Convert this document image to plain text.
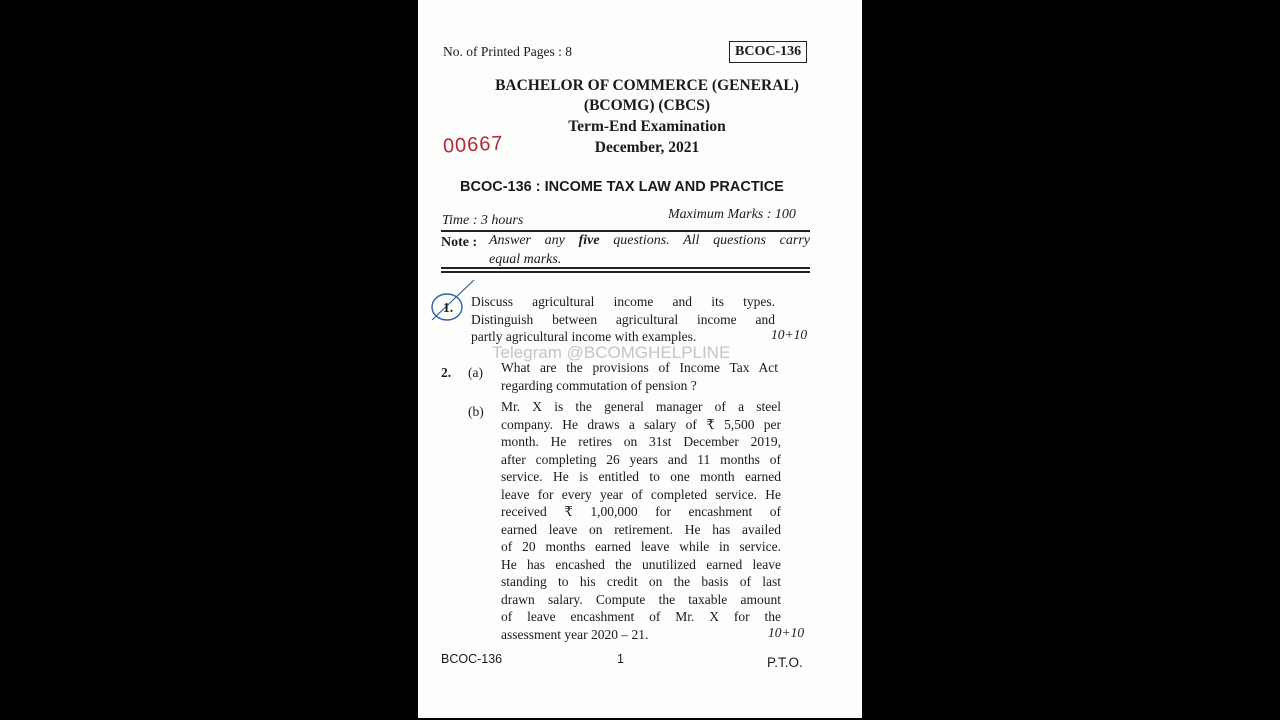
No. of Printed Pages : 8	BCOC-136

BACHELOR OF COMMERCE (GENERAL)

(BCOMG) (CBCS)

Term-End Examination

00667	December, 2021

BCOC-136 : INCOME TAX LAW AND PRACTICE

Time : 3 hours	Maximum Marks : 100

Note : Answer any five questions. All questions carry

equal marks.

1. Discuss agricultural income and its types.
Distinguish between agricultural income and
partly agricultural income with examples.	10+10

Telegram @BCOMGHELPLINE

2. (a) What are the provisions of Income Tax Act
regarding commutation of pension ?

(b) Mr. X is the general manager of a steel
company. He draws a salary of ₹ 5,500 per
month. He retires on 31st December 2019,
after completing 26 years and 11 months of
service. He is entitled to one month earned
leave for every year of completed service. He
received ₹ 1,00,000 for encashment of
earned leave on retirement. He has availed
of 20 months earned leave while in service.
He has encashed the unutilized earned leave
standing to his credit on the basis of last
drawn salary. Compute the taxable amount
of leave encashment of Mr. X for the
assessment year 2020 – 21.	10+10

BCOC-136	1	P.T.O.
